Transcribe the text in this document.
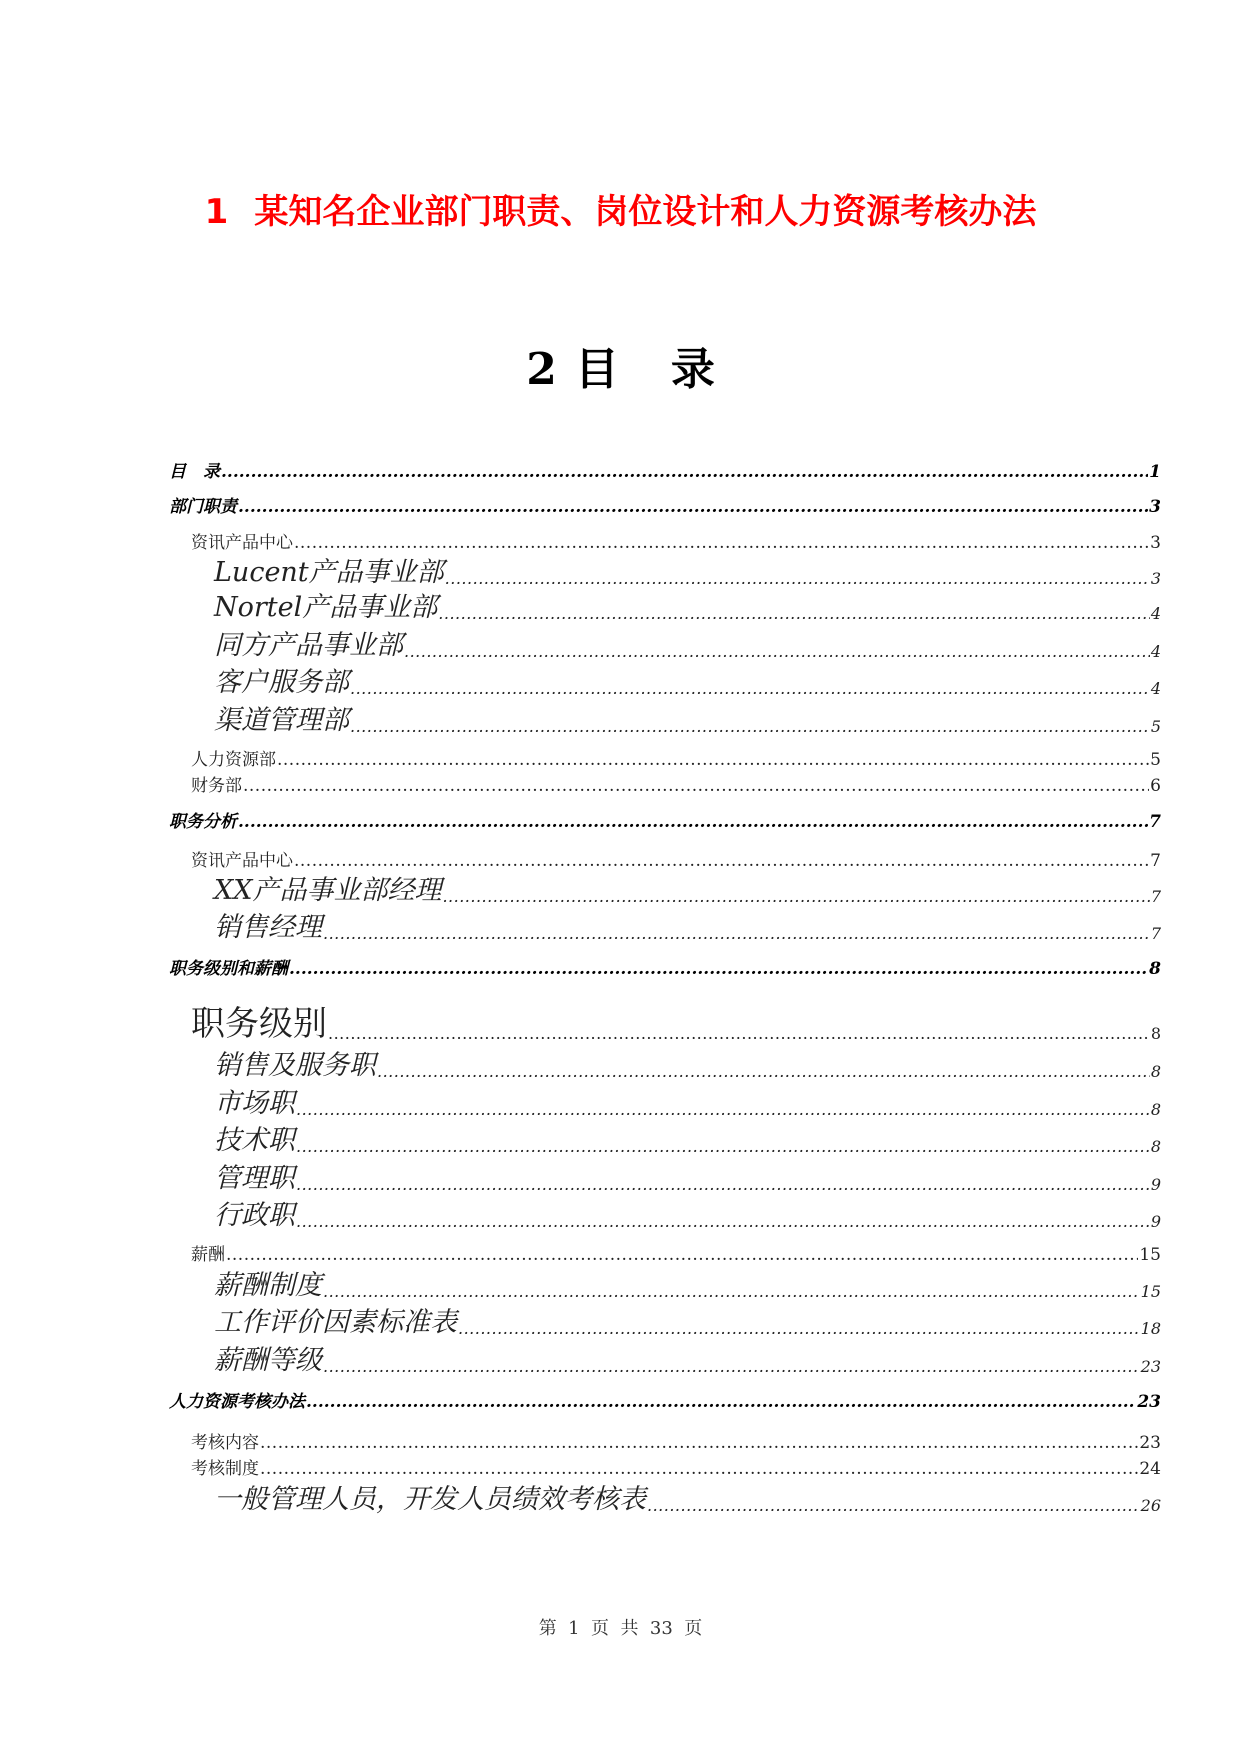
1 某知名企业部门职责、岗位设计和人力资源考核办法
2 目 录
目　录 .....	1
部门职责 .....	3
资讯产品中心 .....	3
Lucent产品事业部 .....	3
Nortel产品事业部 .....	4
同方产品事业部 .....	4
客户服务部 .....	4
渠道管理部 .....	5
人力资源部 .....	5
财务部 .....	6
职务分析 .....	7
资讯产品中心 .....	7
XX产品事业部经理 .....	7
销售经理 .....	7
职务级别和薪酬 .....	8
职务级别 .....	8
销售及服务职 .....	8
市场职 .....	8
技术职 .....	8
管理职 .....	9
行政职 .....	9
薪酬 .....	15
薪酬制度 .....	15
工作评价因素标准表 .....	18
薪酬等级 .....	23
人力资源考核办法 .....	23
考核内容 .....	23
考核制度 .....	24
一般管理人员，开发人员绩效考核表 .....	26
第  1  页  共  33  页
